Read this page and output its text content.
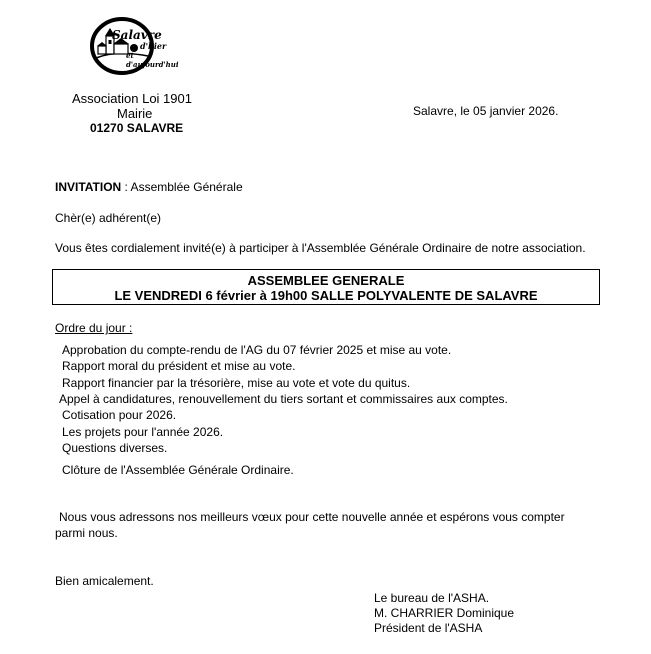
Salavre
d'hier
et d'aujourd'hui
Association Loi 1901
Mairie
01270 SALAVRE
Salavre, le 05 janvier 2026.
INVITATION : Assemblée Générale
Chèr(e) adhérent(e)
Vous êtes cordialement invité(e) à participer à l'Assemblée Générale Ordinaire de notre association.
ASSEMBLEE GENERALE
LE VENDREDI 6 février à 19h00 SALLE POLYVALENTE DE SALAVRE
Ordre du jour :
Approbation du compte-rendu de l'AG du 07 février 2025 et mise au vote.
Rapport moral du président et mise au vote.
Rapport financier par la trésorière, mise au vote et vote du quitus.
Appel à candidatures, renouvellement du tiers sortant et commissaires aux comptes.
Cotisation pour 2026.
Les projets pour l'année 2026.
Questions diverses.
Clôture de l'Assemblée Générale Ordinaire.
Nous vous adressons nos meilleurs vœux pour cette nouvelle année et espérons vous compter
parmi nous.
Bien amicalement.
Le bureau de l'ASHA.
M. CHARRIER Dominique
Président de l'ASHA
